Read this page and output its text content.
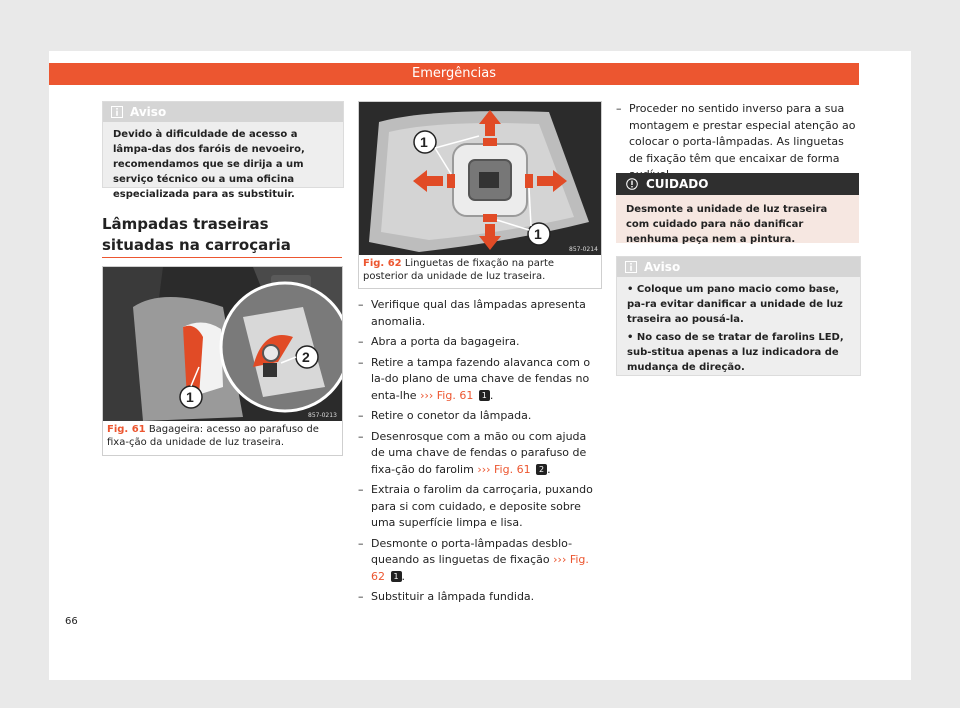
Emergências
Aviso
Devido à dificuldade de acesso a lâmpa-das dos faróis de nevoeiro, recomendamos que se dirija a um serviço técnico ou a uma oficina especializada para as substituir.
Lâmpadas traseiras situadas na carroçaria
1
2
857-0213
Fig. 61 Bagageira: acesso ao parafuso de fixa-ção da unidade de luz traseira.
1
1
857-0214
Fig. 62 Linguetas de fixação na parte posterior da unidade de luz traseira.
– Verifique qual das lâmpadas apresenta anomalia.
– Abra a porta da bagageira.
– Retire a tampa fazendo alavanca com o la-do plano de uma chave de fendas no enta-lhe ››› Fig. 61 1 .
– Retire o conetor da lâmpada.
– Desenrosque com a mão ou com ajuda de uma chave de fendas o parafuso de fixa-ção do farolim ››› Fig. 61 2 .
– Extraia o farolim da carroçaria, puxando para si com cuidado, e deposite sobre uma superfície limpa e lisa.
– Desmonte o porta-lâmpadas desblo-queando as linguetas de fixação ››› Fig. 62 1 .
– Substituir a lâmpada fundida.
– Proceder no sentido inverso para a sua montagem e prestar especial atenção ao colocar o porta-lâmpadas. As linguetas de fixação têm que encaixar de forma
CUIDADO
Desmonte a unidade de luz traseira com cuidado para não danificar nenhuma peça nem a pintura.
Aviso
• Coloque um pano macio como base, pa-ra evitar danificar a unidade de luz traseira ao pousá-la.
• No caso de se tratar de farolins LED, sub-stitua apenas a luz indicadora de mudança de direção.
66
